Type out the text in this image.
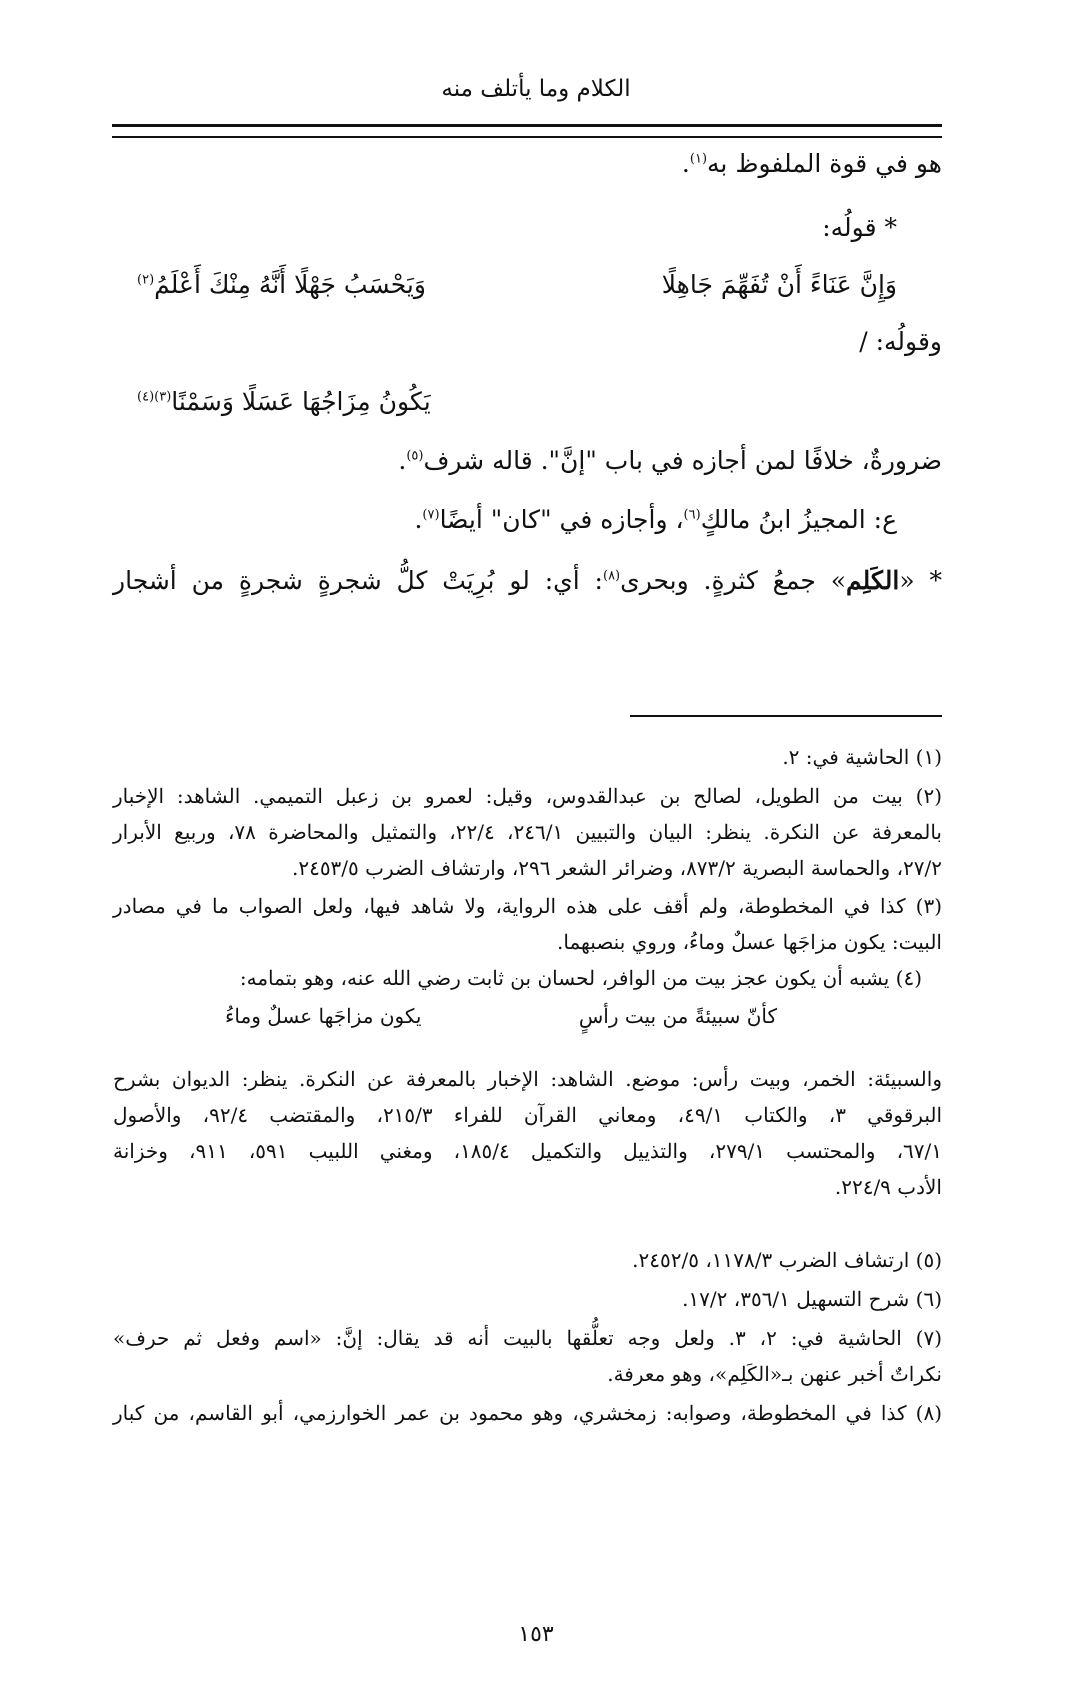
الكلام وما يأتلف منه
هو في قوة الملفوظ به$^{(١)}$.
* قولُه:
وَإِنَّ عَنَاءً أَنْ تُفَهِّمَ جَاهِلًا
وَيَحْسَبُ جَهْلًا أَنَّهُ مِنْكَ أَعْلَمُ$^{(٢)}$
وقولُه: /
يَكُونُ مِزَاجُهَا عَسَلًا وَسَمْنًا$^{(٣)(٤)}$
ضرورةٌ، خلافًا لمن أجازه في باب "إنَّ". قاله شرف$^{(٥)}$.
ع: المجيزُ ابنُ مالكٍ$^{(٦)}$، وأجازه في "كان" أيضًا$^{(٧)}$.
* «الكَلِم» جمعُ كثرةٍ. وبحرى$^{(٨)}$: أي: لو بُرِيَتْ كلُّ شجرةٍ شجرةٍ من أشجار
(١) الحاشية في: ٢.
(٢) بيت من الطويل، لصالح بن عبدالقدوس، وقيل: لعمرو بن زعبل التميمي. الشاهد: الإخبار
بالمعرفة عن النكرة. ينظر: البيان والتبيين ٢٤٦/١، ٢٢/٤، والتمثيل والمحاضرة ٧٨، وربيع الأبرار
٢٧/٢، والحماسة البصرية ٨٧٣/٢، وضرائر الشعر ٢٩٦، وارتشاف الضرب ٢٤٥٣/٥.
(٣) كذا في المخطوطة، ولم أقف على هذه الرواية، ولا شاهد فيها، ولعل الصواب ما في مصادر
البيت: يكون مزاجَها عسلٌ وماءُ، وروي بنصبهما.
(٤) يشبه أن يكون عجز بيت من الوافر، لحسان بن ثابت رضي الله عنه، وهو بتمامه:
كأنّ سبيئةً من بيت رأسٍ
يكون مزاجَها عسلٌ وماءُ
والسبيئة: الخمر، وبيت رأس: موضع. الشاهد: الإخبار بالمعرفة عن النكرة. ينظر: الديوان بشرح
البرقوقي ٣، والكتاب ٤٩/١، ومعاني القرآن للفراء ٢١٥/٣، والمقتضب ٩٢/٤، والأصول
٦٧/١، والمحتسب ٢٧٩/١، والتذييل والتكميل ١٨٥/٤، ومغني اللبيب ٥٩١، ٩١١، وخزانة
الأدب ٢٢٤/٩.
(٥) ارتشاف الضرب ١١٧٨/٣، ٢٤٥٢/٥.
(٦) شرح التسهيل ٣٥٦/١، ١٧/٢.
(٧) الحاشية في: ٢، ٣. ولعل وجه تعلُّقها بالبيت أنه قد يقال: إنَّ: «اسم وفعل ثم حرف»
نكراتٌ أخبر عنهن بـ«الكَلِم»، وهو معرفة.
(٨) كذا في المخطوطة، وصوابه: زمخشري، وهو محمود بن عمر الخوارزمي، أبو القاسم، من كبار
١٥٣
